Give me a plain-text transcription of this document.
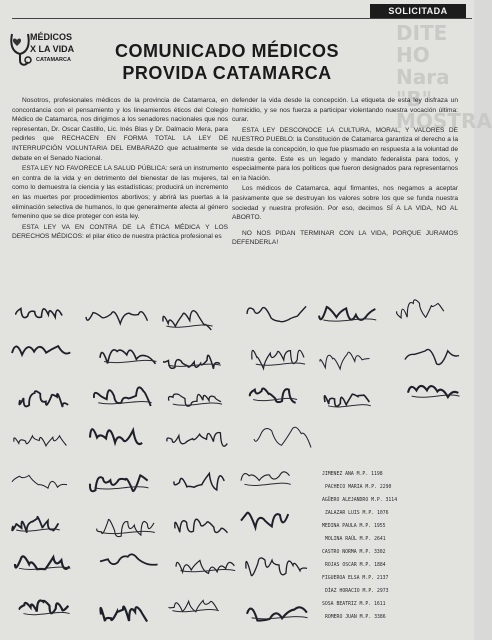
DITE HO
Nara "B"
MOSTRA
SOLICITADA
MÉDICOS
X LA VIDA
CATAMARCA	COMUNICADO MÉDICOS
PROVIDA CATAMARCA

Nosotros, profesionales médicos de la provincia de Catamarca, en concordancia con el pensamiento y los lineamientos éticos del Colegio Médico de Catamarca, nos dirigimos a los senadores nacionales que nos representan, Dr. Oscar Castillo, Lic. Inés Blas y Dr. Dalmacio Mera, para pedirles que RECHACEN EN FORMA TOTAL LA LEY DE INTERRUPCIÓN VOLUNTARIA DEL EMBARAZO que actualmente se debate en el Senado Nacional.

ESTA LEY NO FAVORECE LA SALUD PÚBLICA: será un instrumento en contra de la vida y en detrimento del bienestar de las mujeres, tal como lo demuestra la ciencia y las estadísticas; producirá un incremento en las muertes por procedimientos abortivos; y abrirá las puertas a la eliminación selectiva de humanos, lo que generalmente afecta al género femenino que se dice proteger con esta ley.

ESTA LEY VA EN CONTRA DE LA ÉTICA MÉDICA Y LOS DERECHOS MÉDICOS: el pilar ético de nuestra práctica profesional es

defender la vida desde la concepción. La etiqueta de esta ley disfraza un homicidio, y se nos fuerza a participar violentando nuestra vocación última: curar.

ESTA LEY DESCONOCE LA CULTURA, MORAL, Y VALORES DE NUESTRO PUEBLO: la Constitución de Catamarca garantiza el derecho a la vida desde la concepción, lo que fue plasmado en respuesta a la voluntad de nuestra gente. Este es un legado y mandato federalista para todos, y especialmente para los políticos que fueron designados para representarnos en la Nación.

Los médicos de Catamarca, aquí firmantes, nos negamos a aceptar pasivamente que se destruyan los valores sobre los que se funda nuestra sociedad y nuestra profesión. Por eso, decimos SÍ A LA VIDA, NO AL ABORTO.

NO NOS PIDAN TERMINAR CON LA VIDA, PORQUE JURAMOS DEFENDERLA!

JIMENEZ ANA M.P. 1198
PACHECO MARIA M.P. 2290
AGÜERO ALEJANDRO M.P. 3114
ZALAZAR LUIS M.P. 1076
MEDINA PAULA M.P. 1955
MOLINA RAÚL M.P. 2641
CASTRO NORMA M.P. 3302
ROJAS OSCAR M.P. 1884
FIGUEROA ELSA M.P. 2137
DÍAZ HORACIO M.P. 2973
SOSA BEATRIZ M.P. 1611
ROMERO JUAN M.P. 3386
